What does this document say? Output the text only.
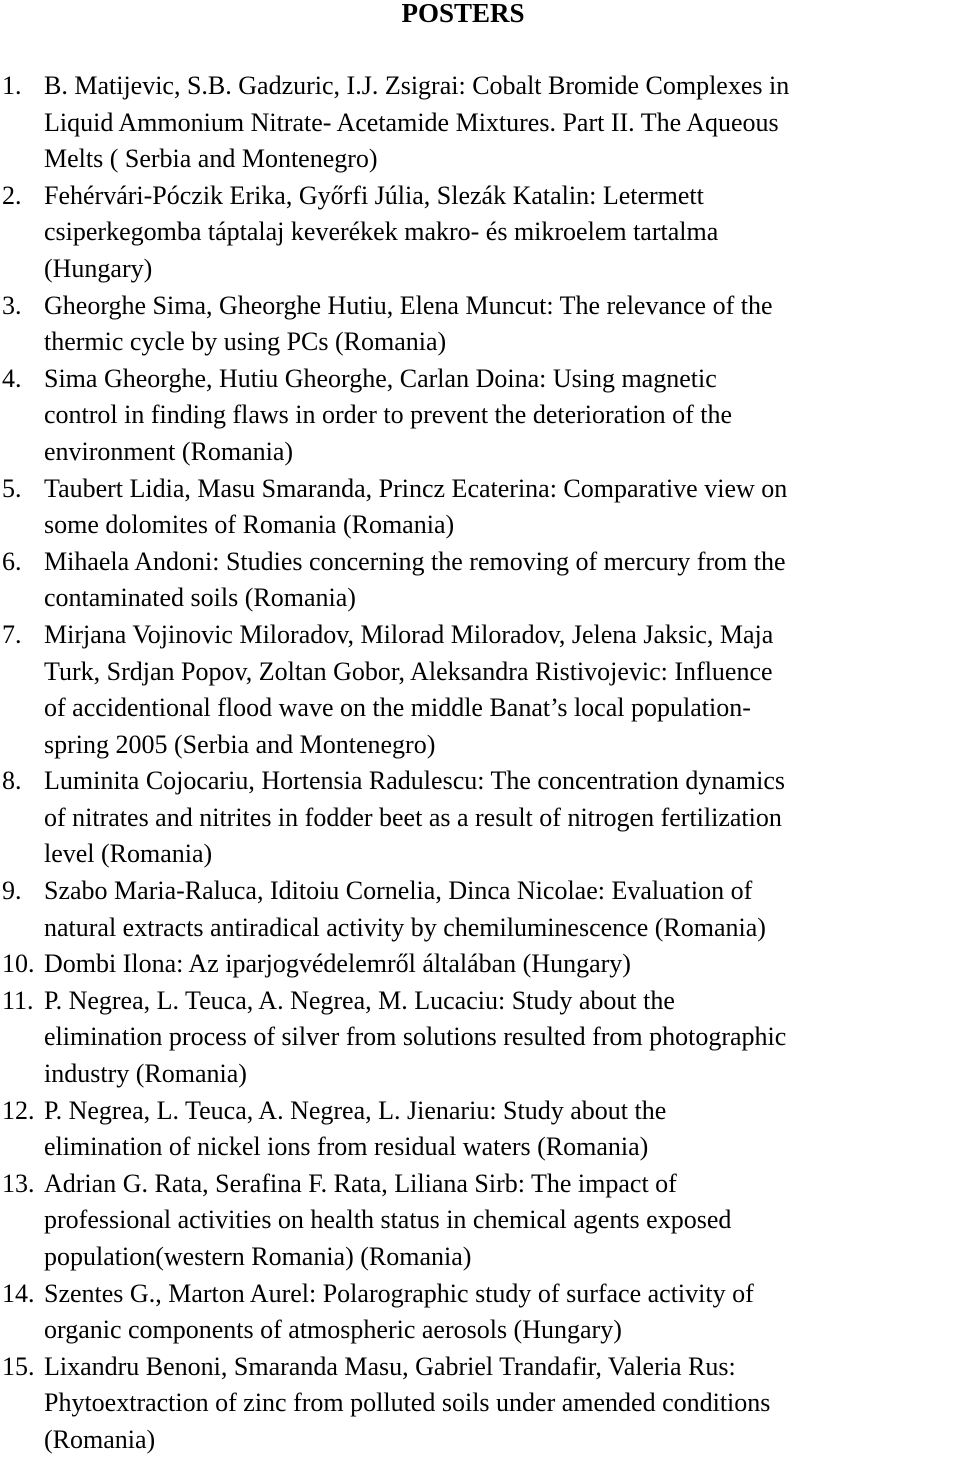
POSTERS
1. B. Matijevic, S.B. Gadzuric, I.J. Zsigrai: Cobalt Bromide Complexes in
Liquid Ammonium Nitrate- Acetamide Mixtures. Part II. The Aqueous
Melts ( Serbia and Montenegro)
2. Fehérvári-Póczik Erika, Győrfi Júlia, Slezák Katalin: Letermett
csiperkegomba táptalaj keverékek makro- és mikroelem tartalma
(Hungary)
3. Gheorghe Sima, Gheorghe Hutiu, Elena Muncut: The relevance of the
thermic cycle by using PCs (Romania)
4. Sima Gheorghe, Hutiu Gheorghe, Carlan Doina: Using magnetic
control in finding flaws in order to prevent the deterioration of the
environment (Romania)
5. Taubert Lidia, Masu Smaranda, Princz Ecaterina: Comparative view on
some dolomites of Romania (Romania)
6. Mihaela Andoni: Studies concerning the removing of mercury from the
contaminated soils (Romania)
7. Mirjana Vojinovic Miloradov, Milorad Miloradov, Jelena Jaksic, Maja
Turk, Srdjan Popov, Zoltan Gobor, Aleksandra Ristivojevic: Influence
of accidentional flood wave on the middle Banat’s local population-
spring 2005 (Serbia and Montenegro)
8. Luminita Cojocariu, Hortensia Radulescu: The concentration dynamics
of nitrates and nitrites in fodder beet as a result of nitrogen fertilization
level (Romania)
9. Szabo Maria-Raluca, Iditoiu Cornelia, Dinca Nicolae: Evaluation of
natural extracts antiradical activity by chemiluminescence (Romania)
10. Dombi Ilona: Az iparjogvédelemről általában (Hungary)
11. P. Negrea, L. Teuca, A. Negrea, M. Lucaciu: Study about the
elimination process of silver from solutions resulted from photographic
industry (Romania)
12. P. Negrea, L. Teuca, A. Negrea, L. Jienariu: Study about the
elimination of nickel ions from residual waters (Romania)
13. Adrian G. Rata, Serafina F. Rata, Liliana Sirb: The impact of
professional activities on health status in chemical agents exposed
population(western Romania) (Romania)
14. Szentes G., Marton Aurel: Polarographic study of surface activity of
organic components of atmospheric aerosols (Hungary)
15. Lixandru Benoni, Smaranda Masu, Gabriel Trandafir, Valeria Rus:
Phytoextraction of zinc from polluted soils under amended conditions
(Romania)
